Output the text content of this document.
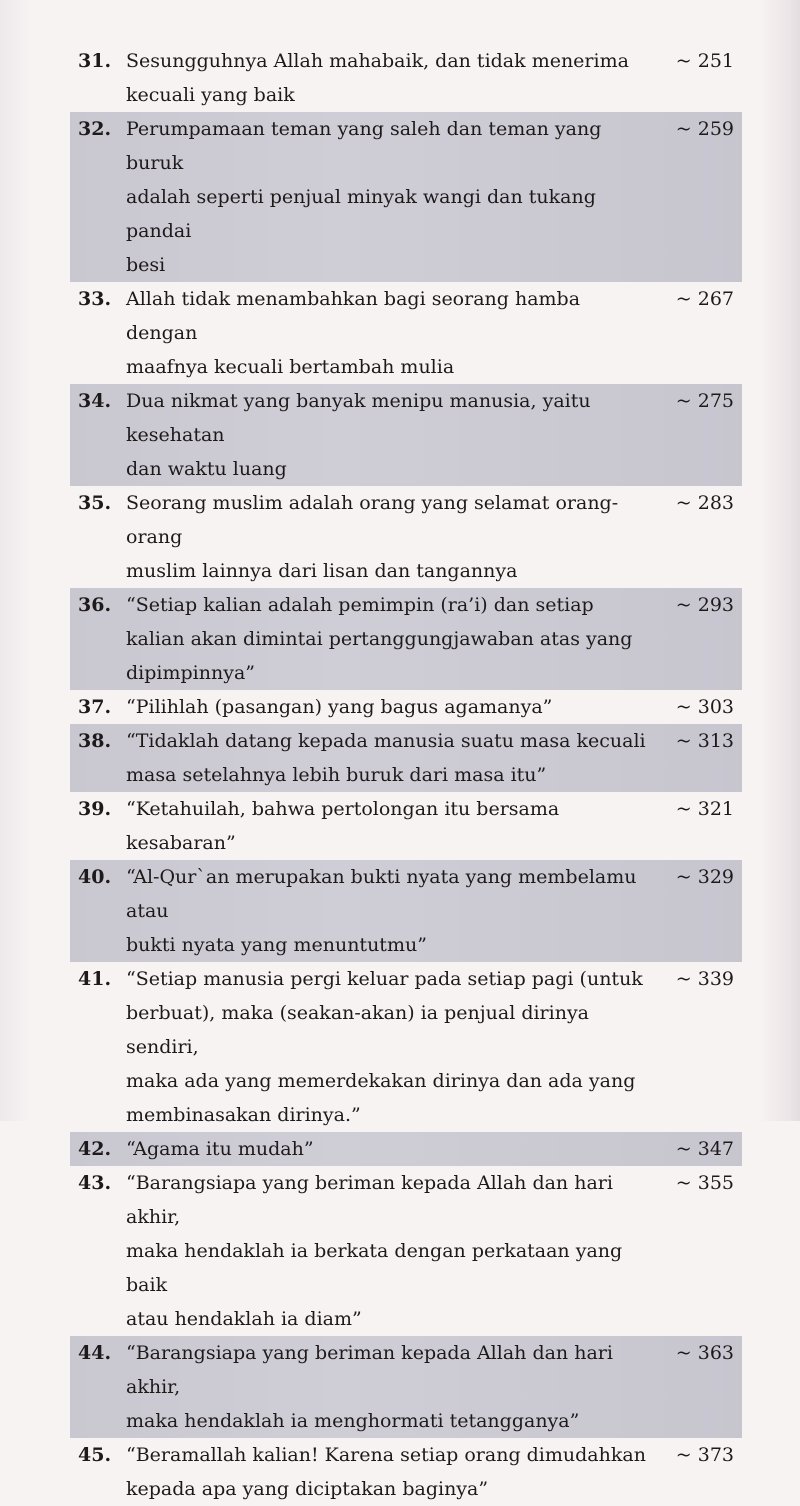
31. Sesungguhnya Allah mahabaik, dan tidak menerima
kecuali yang baik
~ 251
32. Perumpamaan teman yang saleh dan teman yang buruk
adalah seperti penjual minyak wangi dan tukang pandai
besi
~ 259
33. Allah tidak menambahkan bagi seorang hamba dengan
maafnya kecuali bertambah mulia
~ 267
34. Dua nikmat yang banyak menipu manusia, yaitu kesehatan
dan waktu luang
~ 275
35. Seorang muslim adalah orang yang selamat orang-orang
muslim lainnya dari lisan dan tangannya
~ 283
36. “Setiap kalian adalah pemimpin (ra’i) dan setiap
kalian akan dimintai pertanggungjawaban atas yang
dipimpinnya”
~ 293
37. “Pilihlah (pasangan) yang bagus agamanya”	~ 303
38. “Tidaklah datang kepada manusia suatu masa kecuali
masa setelahnya lebih buruk dari masa itu”
~ 313
39. “Ketahuilah, bahwa pertolongan itu bersama kesabaran”
~ 321
40. “Al-Qur`an merupakan bukti nyata yang membelamu atau
bukti nyata yang menuntutmu”
~ 329
41. “Setiap manusia pergi keluar pada setiap pagi (untuk
berbuat), maka (seakan-akan) ia penjual dirinya sendiri,
maka ada yang memerdekakan dirinya dan ada yang
membinasakan dirinya.”
~ 339
42. “Agama itu mudah”	~ 347
43. “Barangsiapa yang beriman kepada Allah dan hari akhir,
maka hendaklah ia berkata dengan perkataan yang baik
atau hendaklah ia diam”
~ 355
44. “Barangsiapa yang beriman kepada Allah dan hari akhir,
maka hendaklah ia menghormati tetangganya”
~ 363
45. “Beramallah kalian! Karena setiap orang dimudahkan
kepada apa yang diciptakan baginya”
~ 373
